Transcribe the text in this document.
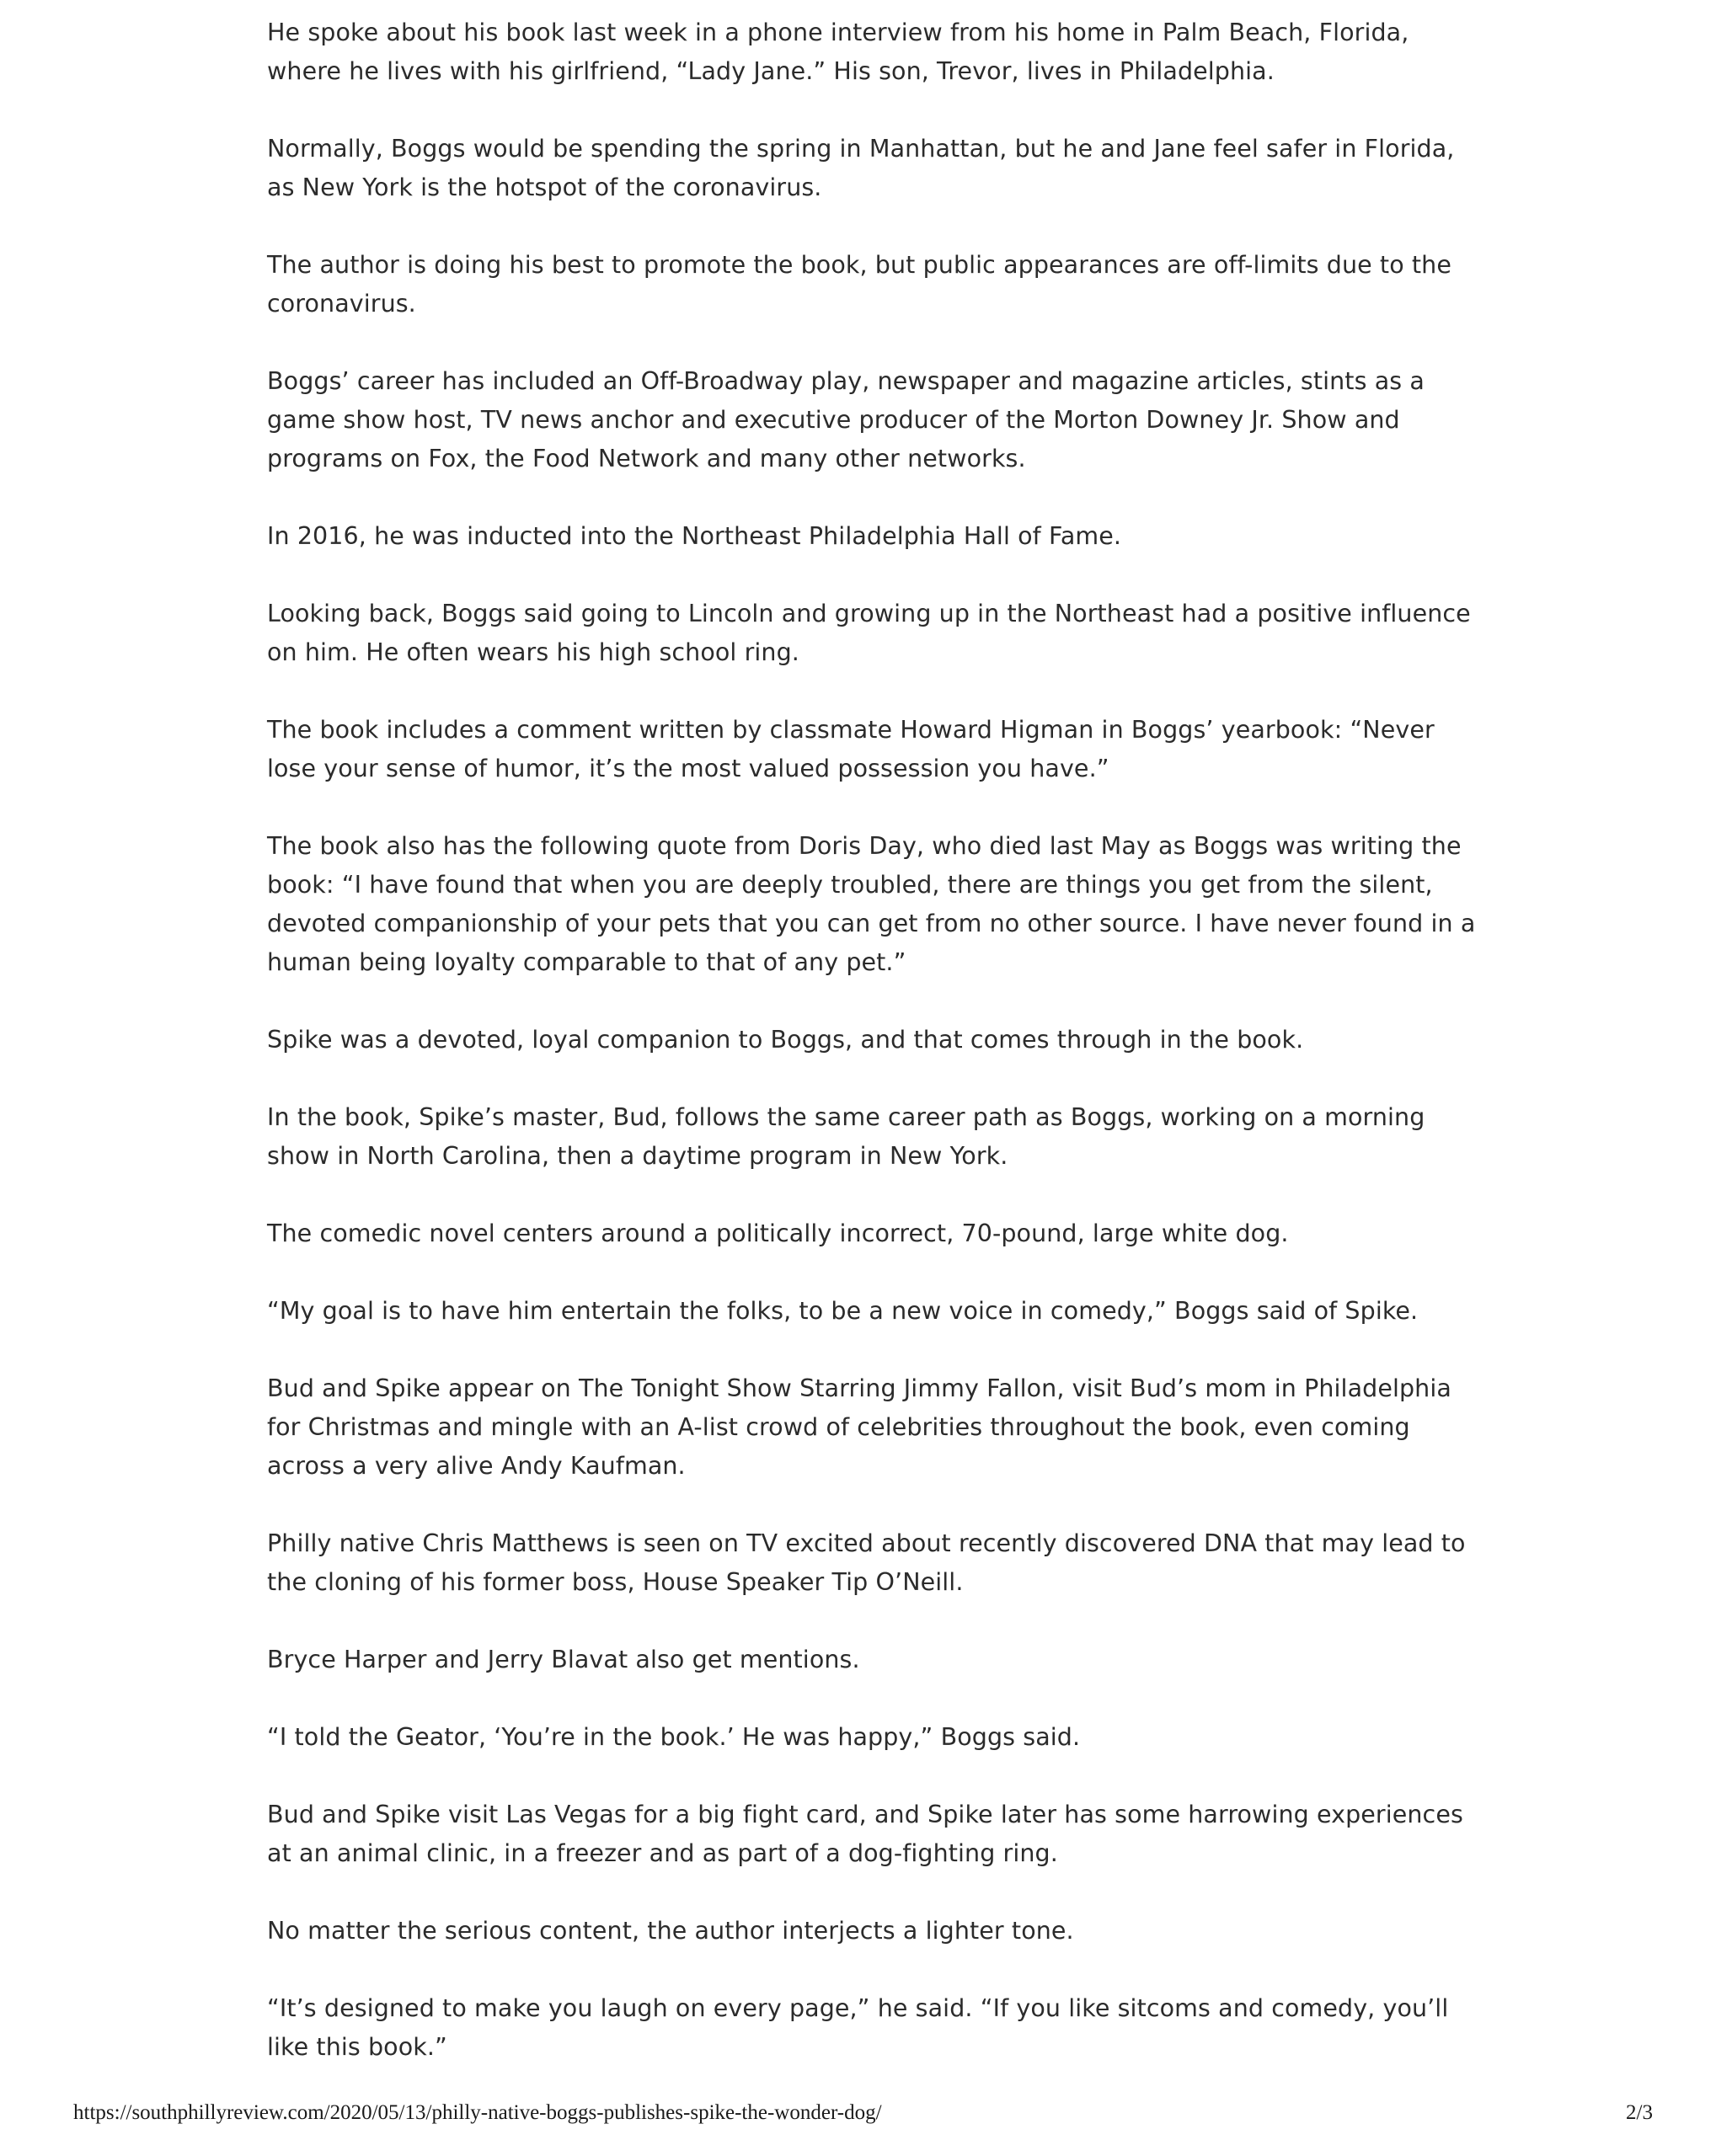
He spoke about his book last week in a phone interview from his home in Palm Beach, Florida, where he lives with his girlfriend, “Lady Jane.” His son, Trevor, lives in Philadelphia.

Normally, Boggs would be spending the spring in Manhattan, but he and Jane feel safer in Florida, as New York is the hotspot of the coronavirus.

The author is doing his best to promote the book, but public appearances are off-limits due to the coronavirus.

Boggs’ career has included an Off-Broadway play, newspaper and magazine articles, stints as a game show host, TV news anchor and executive producer of the Morton Downey Jr. Show and programs on Fox, the Food Network and many other networks.

In 2016, he was inducted into the Northeast Philadelphia Hall of Fame.

Looking back, Boggs said going to Lincoln and growing up in the Northeast had a positive influence on him. He often wears his high school ring.

The book includes a comment written by classmate Howard Higman in Boggs’ yearbook: “Never lose your sense of humor, it’s the most valued possession you have.”

The book also has the following quote from Doris Day, who died last May as Boggs was writing the book: “I have found that when you are deeply troubled, there are things you get from the silent, devoted companionship of your pets that you can get from no other source. I have never found in a human being loyalty comparable to that of any pet.”

Spike was a devoted, loyal companion to Boggs, and that comes through in the book.

In the book, Spike’s master, Bud, follows the same career path as Boggs, working on a morning show in North Carolina, then a daytime program in New York.

The comedic novel centers around a politically incorrect, 70-pound, large white dog.

“My goal is to have him entertain the folks, to be a new voice in comedy,” Boggs said of Spike.

Bud and Spike appear on The Tonight Show Starring Jimmy Fallon, visit Bud’s mom in Philadelphia for Christmas and mingle with an A-list crowd of celebrities throughout the book, even coming across a very alive Andy Kaufman.

Philly native Chris Matthews is seen on TV excited about recently discovered DNA that may lead to the cloning of his former boss, House Speaker Tip O’Neill.

Bryce Harper and Jerry Blavat also get mentions.

“I told the Geator, ‘You’re in the book.’ He was happy,” Boggs said.

Bud and Spike visit Las Vegas for a big fight card, and Spike later has some harrowing experiences at an animal clinic, in a freezer and as part of a dog-fighting ring.

No matter the serious content, the author interjects a lighter tone.

“It’s designed to make you laugh on every page,” he said. “If you like sitcoms and comedy, you’ll like this book.”

https://southphillyreview.com/2020/05/13/philly-native-boggs-publishes-spike-the-wonder-dog/	2/3
